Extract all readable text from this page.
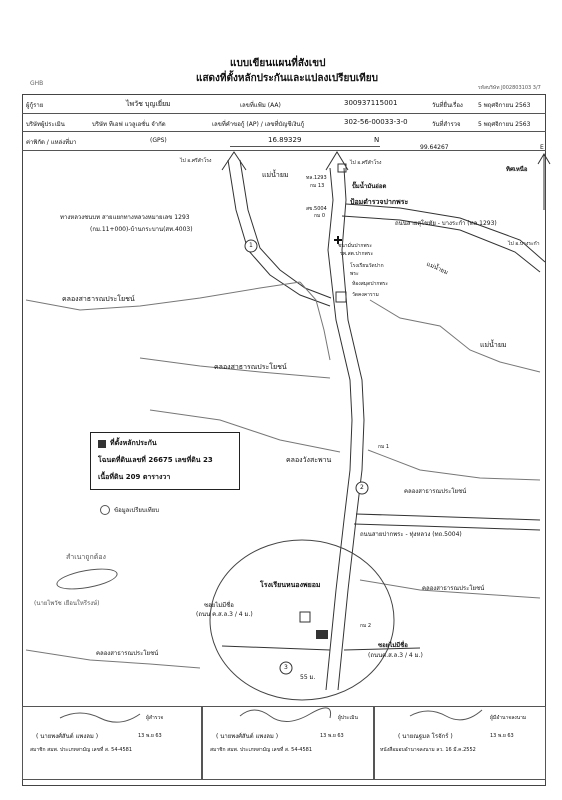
รหัสบริษัท J002803103 3/7
GHB
แบบเขียนแผนที่สังเขป
แสดงที่ตั้งหลักประกันและแปลงเปรียบเทียบ
ผู้กู้ราย	ไพวัช บุญเยี่ยม	เลขที่แฟ้ม (AA)	300937115001	วันที่ยื่นเรื่อง	5 พฤศจิกายน 2563
บริษัทผู้ประเมิน	บริษัท ทีเอฟ แวลูเอชั่น จำกัด	เลขที่คำขอกู้ (AP) / เลขที่บัญชีเงินกู้	302-56-00033-3-0	วันที่สำรวจ	5 พฤศจิกายน 2563
ค่าพิกัด / แหล่งที่มา	(GPS)	16.89329	N
99.64267	E
1
2
3
ทิศเหนือ
ไป อ.ศรีสำโรง	ไป อ.ศรีสำโรง
แม่น้ำยม	ทล.1293
กม 13	ปั๊มน้ำมันอ่อด
ป้อมตำรวจปากพระ
ทางหลวงชนบท สายแยกทางหลวงหมายเลข 1293
(กม.11+000)-บ้านกระบาน(สท.4003)
สข.5004
กม 0
ถนนสายสุโขทัย - บางระกำ (ทล.1293)
ไป อ.บางระกำ
ชนามั่นปากพระ
รพ.สต.ปากพระ
โรงเรียนวัดปากพระ
ห้องสมุดปากพระ
วัดคงคาราม
แม่น้ำยม
แม่น้ำยม
คลองสาธารณประโยชน์
คลองสาธารณประโยชน์
คลองวังสะพาน
กม 1
คลองสาธารณประโยชน์
ถนนสายปากพระ - ทุ่งหลวง (ทถ.5004)
คลองสาธารณประโยชน์
โรงเรียนหนองพยอม
ซอยไม่มีชื่อ
(ถนน ค.ส.ล.3 / 4 ม.)
กม 2
ซอยไม่มีชื่อ
(ถนนค.ส.ล.3 / 4 ม.)
คลองสาธารณประโยชน์
55 ม.
สำเนาถูกต้อง
(นายไพวัช เยือนใหรีรงษ์)
ที่ตั้งหลักประกัน
โฉนดที่ดินเลขที่ 26675 เลขที่ดิน 23
เนื้อที่ดิน 209 ตารางวา
ข้อมูลเปรียบเทียบ
ผู้สำรวจ
( นายพงศ์สันต์ แพงลม )	13 พ.ย 63
สมาชิก สมพ. ประเภทสามัญ เลขที่ ส. 54-4581
ผู้ประเมิน
( นายพงศ์สันต์ แพงลม )	13 พ.ย 63
สมาชิก สมพ. ประเภทสามัญ เลขที่ ส. 54-4581
ผู้มีอำนาจลงนาม
( นายณฐมล โรจักร์ )	13 พ.ย 63
หนังสือมอบอำนาจลงนาม ลว. 16 มี.ค.2552
